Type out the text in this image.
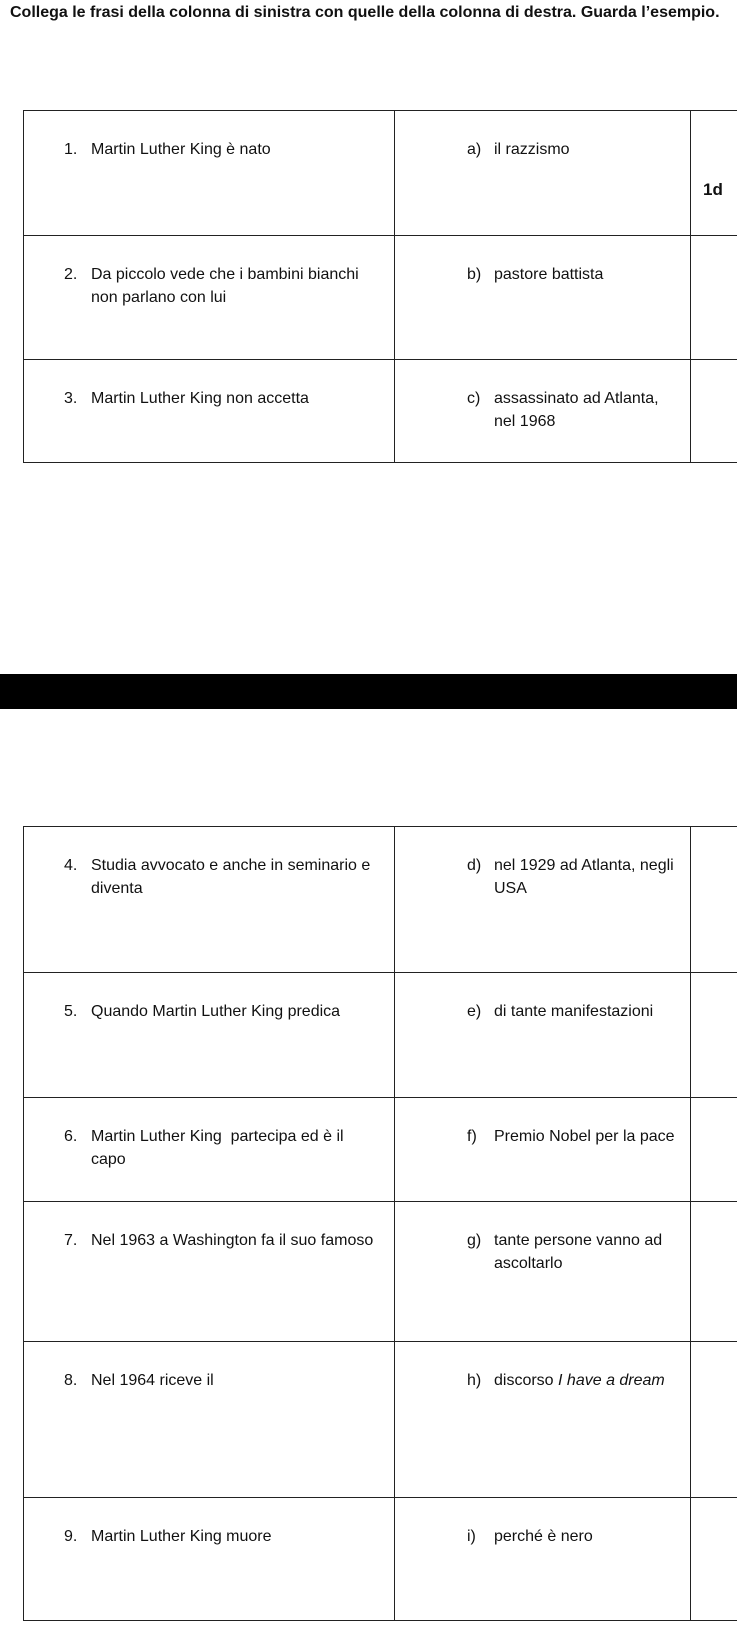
Collega le frasi della colonna di sinistra con quelle della colonna di destra. Guarda l’esempio.
1. Martin Luther King è nato	a) il razzismo	1d

2. Da piccolo vede che i bambini bianchi non parlano con lui	b) pastore battista	

3. Martin Luther King non accetta	c) assassinato ad Atlanta, nel 1968	

4. Studia avvocato e anche in seminario e diventa	d) nel 1929 ad Atlanta, negli USA	

5. Quando Martin Luther King predica	e) di tante manifestazioni	

6. Martin Luther King  partecipa ed è il capo	f) Premio Nobel per la pace	

7. Nel 1963 a Washington fa il suo famoso	g) tante persone vanno ad ascoltarlo	

8. Nel 1964 riceve il	h) discorso I have a dream	

9. Martin Luther King muore	i) perché è nero	
